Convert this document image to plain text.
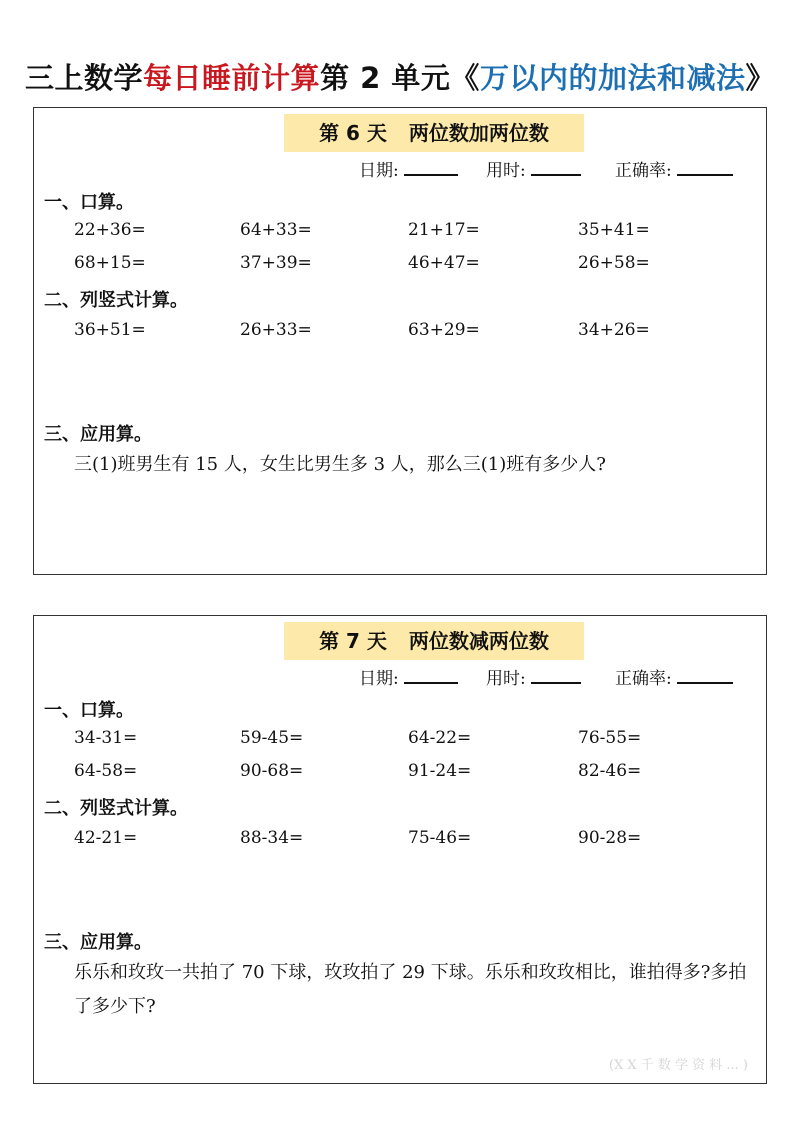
三上数学每日睡前计算第 2 单元《万以内的加法和减法》
第 6 天 两位数加两位数
日期:	用时:	正确率:
一、口算。
22+36=	64+33=	21+17=	35+41=
68+15=	37+39=	46+47=	26+58=
二、列竖式计算。
36+51=	26+33=	63+29=	34+26=
三、应用算。
三(1)班男生有 15 人，女生比男生多 3 人，那么三(1)班有多少人?
第 7 天 两位数减两位数
日期:	用时:	正确率:
一、口算。
34-31=	59-45=	64-22=	76-55=
64-58=	90-68=	91-24=	82-46=
二、列竖式计算。
42-21=	88-34=	75-46=	90-28=
三、应用算。
乐乐和玫玫一共拍了 70 下球，玫玫拍了 29 下球。乐乐和玫玫相比，谁拍得多?多拍了多少下?
(X X 千 数 学 资 料 ... )
